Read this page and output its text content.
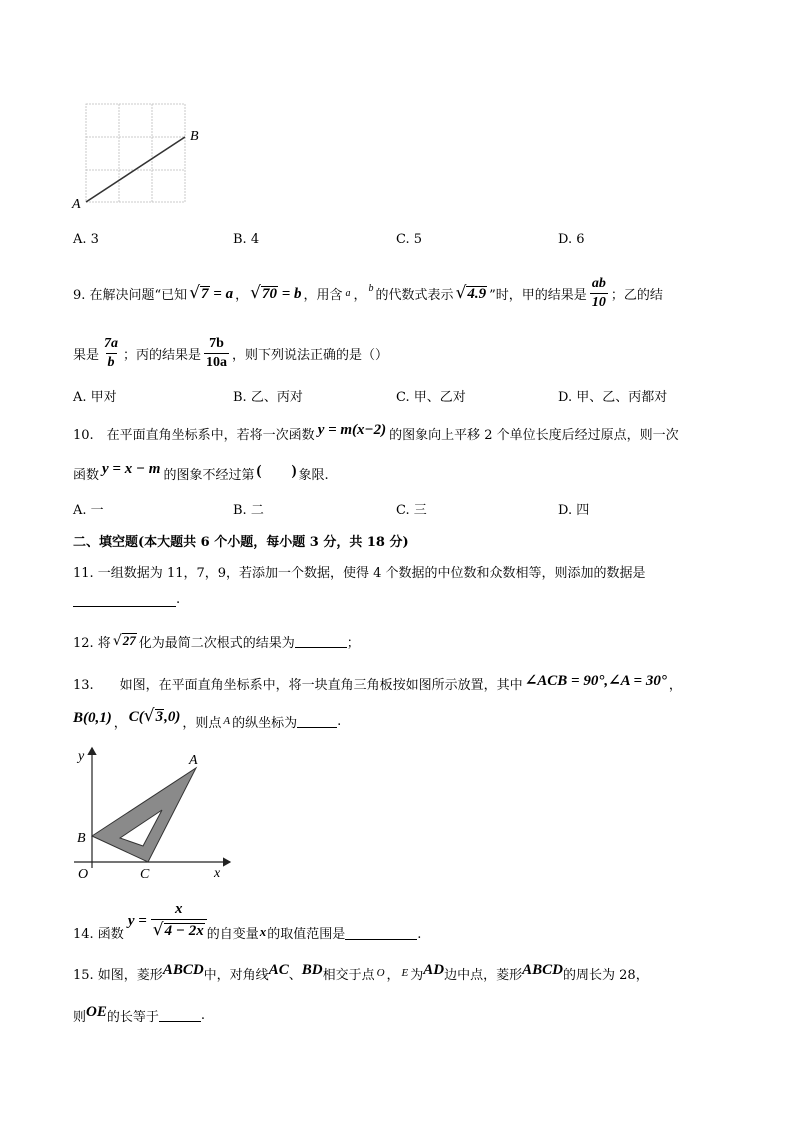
A
B
A. 3	B. 4	C. 5	D. 6
9. 在解决问题“已知 √7 = a ， √70 = b ，用含 a ， b 的代数式表示 √4.9 ”时，甲的结果是 $\frac{ab}{10}$ ；乙的结
果是 $\frac{7a}{b}$ ；丙的结果是 $\frac{7b}{10a}$ ，则下列说法正确的是（）
A. 甲对	B. 乙、丙对	C. 甲、乙对	D. 甲、乙、丙都对
10.　在平面直角坐标系中，若将一次函数 y = m(x−2) 的图象向上平移 2 个单位长度后经过原点，则一次
函数 y = x − m 的图象不经过第 (　　) 象限.
A. 一	B. 二	C. 三	D. 四
二、填空题(本大题共 6 个小题，每小题 3 分，共 18 分)
11. 一组数据为 11，7，9，若添加一个数据，使得 4 个数据的中位数和众数相等，则添加的数据是
.
12. 将 √27 化为最简二次根式的结果为	；
13.　　如图，在平面直角坐标系中，将一块直角三角板按如图所示放置，其中 ∠ACB = 90°,∠A = 30° ，
B(0,1) ， C(√3,0) ，则点 A 的纵坐标为	.
y
x
O
B
C
A
14. 函数
$y = \frac{x}{√4 - 2x}$ 的自变量 x 的取值范围是	.
15. 如图，菱形 ABCD 中，对角线 AC 、 BD 相交于点 O ， E 为 AD 边中点，菱形 ABCD 的周长为 28，
则 OE 的长等于	.
